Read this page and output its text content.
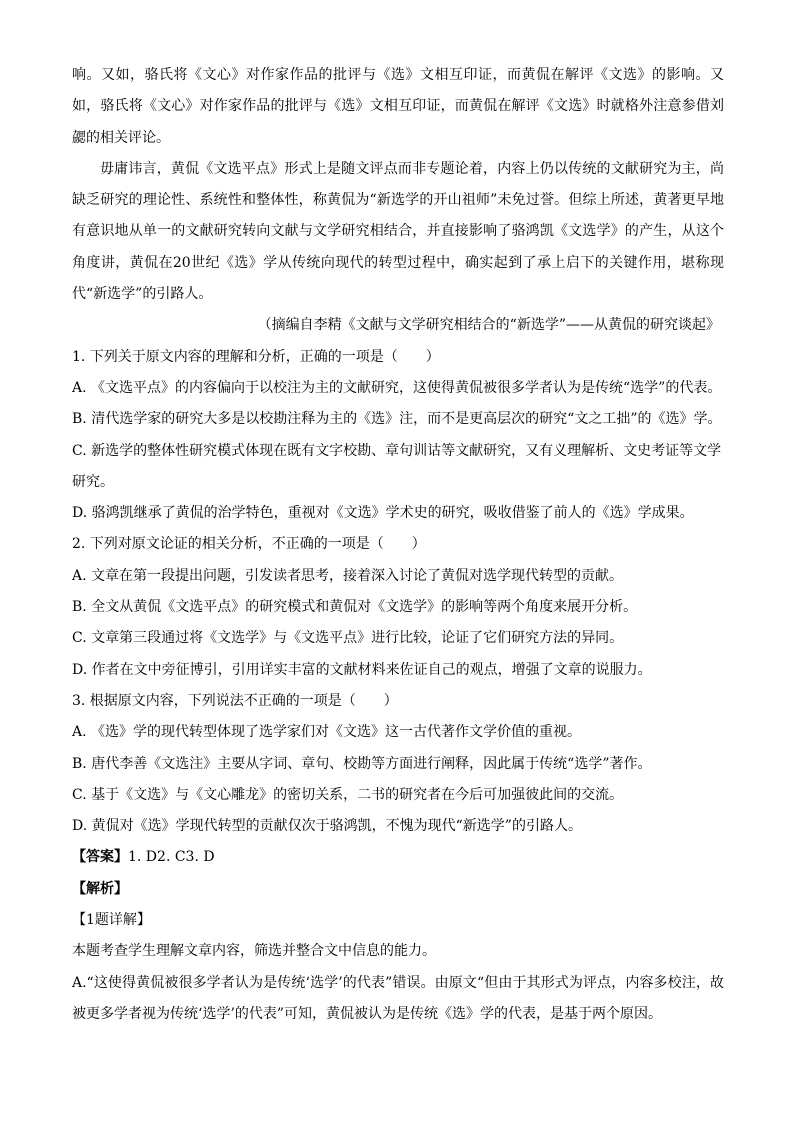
响。又如，骆氏将《文心》对作家作品的批评与《选》文相互印证，而黄侃在解评《文选》的影响。又如，骆氏将《文心》对作家作品的批评与《选》文相互印证，而黄侃在解评《文选》时就格外注意参借刘勰的相关评论。

毋庸讳言，黄侃《文选平点》形式上是随文评点而非专题论着，内容上仍以传统的文献研究为主，尚缺乏研究的理论性、系统性和整体性，称黄侃为“新选学的开山祖师”未免过誉。但综上所述，黄著更早地有意识地从单一的文献研究转向文献与文学研究相结合，并直接影响了骆鸿凯《文选学》的产生，从这个角度讲，黄侃在20世纪《选》学从传统向现代的转型过程中，确实起到了承上启下的关键作用，堪称现代“新选学”的引路人。

（摘编自李精《文献与文学研究相结合的“新选学”——从黄侃的研究谈起》

1. 下列关于原文内容的理解和分析，正确的一项是（　　）

A. 《文选平点》的内容偏向于以校注为主的文献研究，这使得黄侃被很多学者认为是传统“选学”的代表。

B. 清代选学家的研究大多是以校勘注释为主的《选》注，而不是更高层次的研究“文之工拙”的《选》学。

C. 新选学的整体性研究模式体现在既有文字校勘、章句训诂等文献研究，又有义理解析、文史考证等文学研究。

D. 骆鸿凯继承了黄侃的治学特色，重视对《文选》学术史的研究，吸收借鉴了前人的《选》学成果。

2. 下列对原文论证的相关分析，不正确的一项是（　　）

A. 文章在第一段提出问题，引发读者思考，接着深入讨论了黄侃对选学现代转型的贡献。

B. 全文从黄侃《文选平点》的研究模式和黄侃对《文选学》的影响等两个角度来展开分析。

C. 文章第三段通过将《文选学》与《文选平点》进行比较，论证了它们研究方法的异同。

D. 作者在文中旁征博引，引用详实丰富的文献材料来佐证自己的观点，增强了文章的说服力。

3. 根据原文内容，下列说法不正确的一项是（　　）

A. 《选》学的现代转型体现了选学家们对《文选》这一古代著作文学价值的重视。

B. 唐代李善《文选注》主要从字词、章句、校勘等方面进行阐释，因此属于传统“选学”著作。

C. 基于《文选》与《文心雕龙》的密切关系，二书的研究者在今后可加强彼此间的交流。

D. 黄侃对《选》学现代转型的贡献仅次于骆鸿凯，不愧为现代“新选学”的引路人。

【答案】1. D2. C3. D

【解析】

【1题详解】

本题考查学生理解文章内容，筛选并整合文中信息的能力。

A.“这使得黄侃被很多学者认为是传统‘选学’的代表”错误。由原文“但由于其形式为评点，内容多校注，故被更多学者视为传统‘选学’的代表”可知，黄侃被认为是传统《选》学的代表，是基于两个原因。
